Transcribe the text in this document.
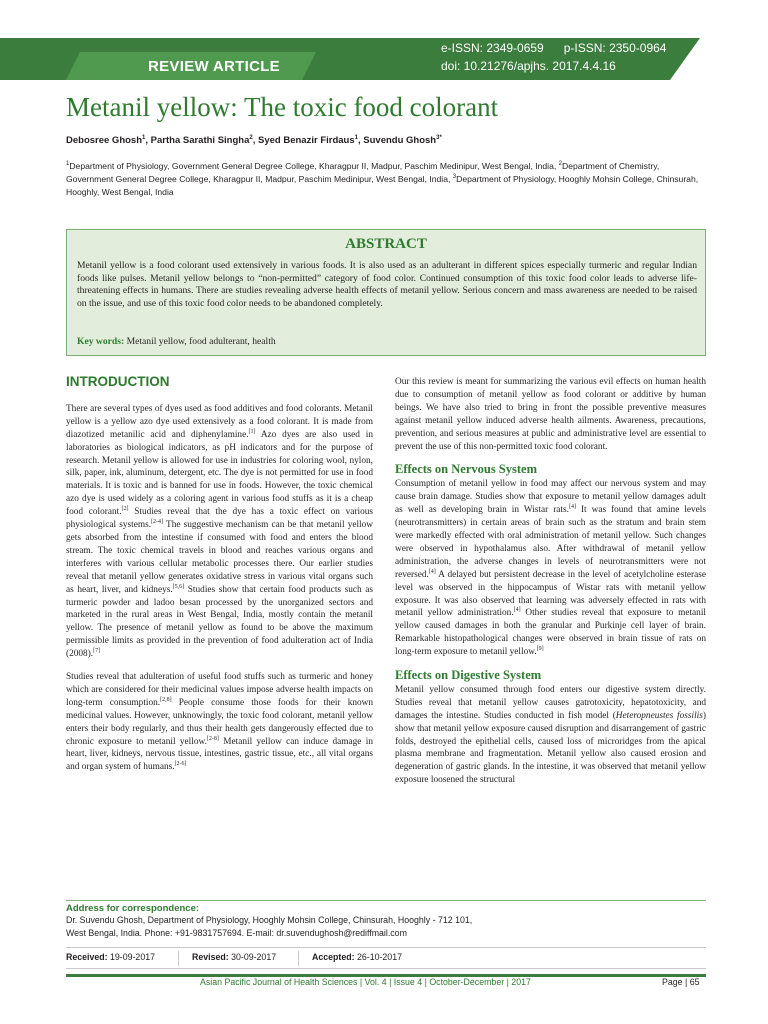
REVIEW ARTICLE
e-ISSN: 2349-0659      p-ISSN: 2350-0964
doi: 10.21276/apjhs. 2017.4.4.16
Metanil yellow: The toxic food colorant
Debosree Ghosh$^1$, Partha Sarathi Singha$^2$, Syed Benazir Firdaus$^1$, Suvendu Ghosh$^{3*}$
$^1$Department of Physiology, Government General Degree College, Kharagpur II, Madpur, Paschim Medinipur, West Bengal, India, $^2$Department of Chemistry, Government General Degree College, Kharagpur II, Madpur, Paschim Medinipur, West Bengal, India, $^3$Department of Physiology, Hooghly Mohsin College, Chinsurah, Hooghly, West Bengal, India
ABSTRACT
Metanil yellow is a food colorant used extensively in various foods. It is also used as an adulterant in different spices especially turmeric and regular Indian foods like pulses. Metanil yellow belongs to “non-permitted” category of food color. Continued consumption of this toxic food color leads to adverse life-threatening effects in humans. There are studies revealing adverse health effects of metanil yellow. Serious concern and mass awareness are needed to be raised on the issue, and use of this toxic food color needs to be abandoned completely.
Key words: Metanil yellow, food adulterant, health
INTRODUCTION

There are several types of dyes used as food additives and food colorants. Metanil yellow is a yellow azo dye used extensively as a food colorant. It is made from diazotized metanilic acid and diphenylamine.[1] Azo dyes are also used in laboratories as biological indicators, as pH indicators and for the purpose of research. Metanil yellow is allowed for use in industries for coloring wool, nylon, silk, paper, ink, aluminum, detergent, etc. The dye is not permitted for use in food materials. It is toxic and is banned for use in foods. However, the toxic chemical azo dye is used widely as a coloring agent in various food stuffs as it is a cheap food colorant.[2] Studies reveal that the dye has a toxic effect on various physiological systems.[2-4] The suggestive mechanism can be that metanil yellow gets absorbed from the intestine if consumed with food and enters the blood stream. The toxic chemical travels in blood and reaches various organs and interferes with various cellular metabolic processes there. Our earlier studies reveal that metanil yellow generates oxidative stress in various vital organs such as heart, liver, and kidneys.[5,6] Studies show that certain food products such as turmeric powder and ladoo besan processed by the unorganized sectors and marketed in the rural areas in West Bengal, India, mostly contain the metanil yellow. The presence of metanil yellow as found to be above the maximum permissible limits as provided in the prevention of food adulteration act of India (2008).[7]

Studies reveal that adulteration of useful food stuffs such as turmeric and honey which are considered for their medicinal values impose adverse health impacts on long-term consumption.[2,8] People consume those foods for their known medicinal values. However, unknowingly, the toxic food colorant, metanil yellow enters their body regularly, and thus their health gets dangerously effected due to chronic exposure to metanil yellow.[2-8] Metanil yellow can induce damage in heart, liver, kidneys, nervous tissue, intestines, gastric tissue, etc., all vital organs and organ system of humans.[2-6]

Our this review is meant for summarizing the various evil effects on human health due to consumption of metanil yellow as food colorant or additive by human beings. We have also tried to bring in front the possible preventive measures against metanil yellow induced adverse health ailments. Awareness, precautions, prevention, and serious measures at public and administrative level are essential to prevent the use of this non-permitted toxic food colorant.

Effects on Nervous System

Consumption of metanil yellow in food may affect our nervous system and may cause brain damage. Studies show that exposure to metanil yellow damages adult as well as developing brain in Wistar rats.[4] It was found that amine levels (neurotransmitters) in certain areas of brain such as the stratum and brain stem were markedly effected with oral administration of metanil yellow. Such changes were observed in hypothalamus also. After withdrawal of metanil yellow administration, the adverse changes in levels of neurotransmitters were not reversed.[4] A delayed but persistent decrease in the level of acetylcholine esterase level was observed in the hippocampus of Wistar rats with metanil yellow exposure. It was also observed that learning was adversely effected in rats with metanil yellow administration.[4] Other studies reveal that exposure to metanil yellow caused damages in both the granular and Purkinje cell layer of brain. Remarkable histopathological changes were observed in brain tissue of rats on long-term exposure to metanil yellow.[9]

Effects on Digestive System

Metanil yellow consumed through food enters our digestive system directly. Studies reveal that metanil yellow causes gatrotoxicity, hepatotoxicity, and damages the intestine. Studies conducted in fish model (Heteropneustes fossilis) show that metanil yellow exposure caused disruption and disarrangement of gastric folds, destroyed the epithelial cells, caused loss of microridges from the apical plasma membrane and fragmentation. Metanil yellow also caused erosion and degeneration of gastric glands. In the intestine, it was observed that metanil yellow exposure loosened the structural

Address for correspondence:
Dr. Suvendu Ghosh, Department of Physiology, Hooghly Mohsin College, Chinsurah, Hooghly - 712 101,
West Bengal, India. Phone: +91-9831757694. E-mail: dr.suvendughosh@rediffmail.com
Received: 19-09-2017	Revised: 30-09-2017	Accepted: 26-10-2017
Asian Pacific Journal of Health Sciences | Vol. 4 | Issue 4 | October-December | 2017	Page | 65
